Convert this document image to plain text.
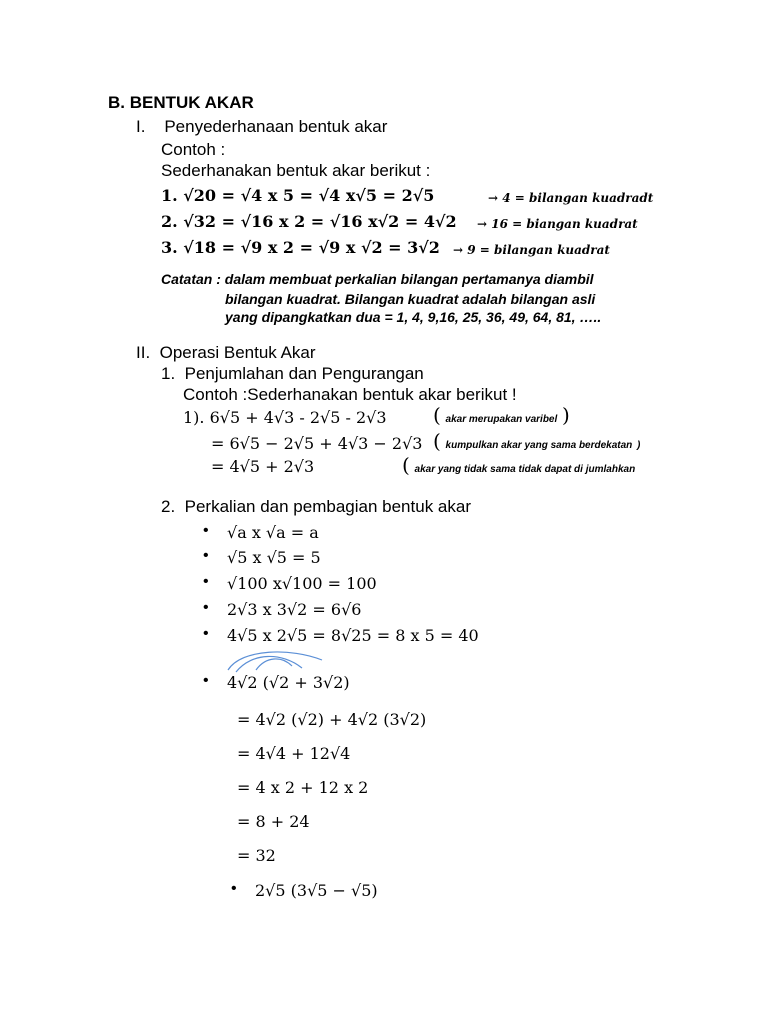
B. BENTUK AKAR
I.    Penyederhanaan bentuk akar
Contoh :
Sederhanakan bentuk akar berikut :
1. √20 = √4 x 5 = √4 x√5 = 2√5	→ 4 = bilangan kuadradt
2. √32 = √16 x 2 = √16 x√2 = 4√2 → 16 = biangan kuadrat
3. √18 = √9 x 2 = √9 x √2 = 3√2 → 9 = bilangan kuadrat
Catatan : dalam membuat perkalian bilangan pertamanya diambil
bilangan kuadrat. Bilangan kuadrat adalah bilangan asli
yang dipangkatkan dua = 1, 4, 9,16, 25, 36, 49, 64, 81, …..
II.  Operasi Bentuk Akar
1.  Penjumlahan dan Pengurangan
Contoh :Sederhanakan bentuk akar berikut !
1). 6√5 + 4√3 - 2√5 - 2√3 ( akar merupakan varibel )
= 6√5 − 2√5 + 4√3 − 2√3 ( kumpulkan akar yang sama berdekatan )
= 4√5 + 2√3	( akar yang tidak sama tidak dapat di jumlahkan
2.  Perkalian dan pembagian bentuk akar
• √a x √a = a
• √5 x √5 = 5
• √100 x√100 = 100
• 2√3 x 3√2 = 6√6
• 4√5 x 2√5 = 8√25 = 8 x 5 = 40
• 4√2 (√2 + 3√2)
= 4√2 (√2) + 4√2 (3√2)
= 4√4 + 12√4
= 4 x 2 + 12 x 2
= 8 + 24
= 32
• 2√5 (3√5 − √5)
